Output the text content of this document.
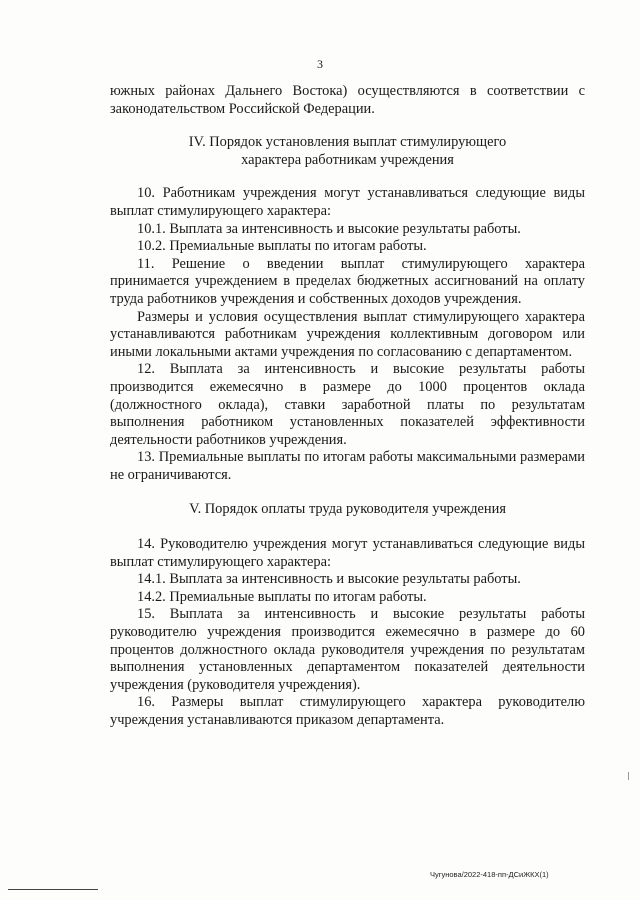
3

южных районах Дальнего Востока) осуществляются в соответствии с законодательством Российской Федерации.

IV. Порядок установления выплат стимулирующего

характера работникам учреждения

10. Работникам учреждения могут устанавливаться следующие виды выплат стимулирующего характера:

10.1. Выплата за интенсивность и высокие результаты работы.

10.2. Премиальные выплаты по итогам работы.

11. Решение о введении выплат стимулирующего характера принимается учреждением в пределах бюджетных ассигнований на оплату труда работников учреждения и собственных доходов учреждения.

Размеры и условия осуществления выплат стимулирующего характера устанавливаются работникам учреждения коллективным договором или иными локальными актами учреждения по согласованию с департаментом.

12. Выплата за интенсивность и высокие результаты работы производится ежемесячно в размере до 1000 процентов оклада (должностного оклада), ставки заработной платы по результатам выполнения работником установленных показателей эффективности деятельности работников учреждения.

13. Премиальные выплаты по итогам работы максимальными размерами не ограничиваются.

V. Порядок оплаты труда руководителя учреждения

14. Руководителю учреждения могут устанавливаться следующие виды выплат стимулирующего характера:

14.1. Выплата за интенсивность и высокие результаты работы.

14.2. Премиальные выплаты по итогам работы.

15. Выплата за интенсивность и высокие результаты работы руководителю учреждения производится ежемесячно в размере до 60 процентов должностного оклада руководителя учреждения по результатам выполнения установленных департаментом показателей деятельности учреждения (руководителя учреждения).

16. Размеры выплат стимулирующего характера руководителю учреждения устанавливаются приказом департамента.

Чугунова/2022-418-пп-ДСиЖКХ(1)
